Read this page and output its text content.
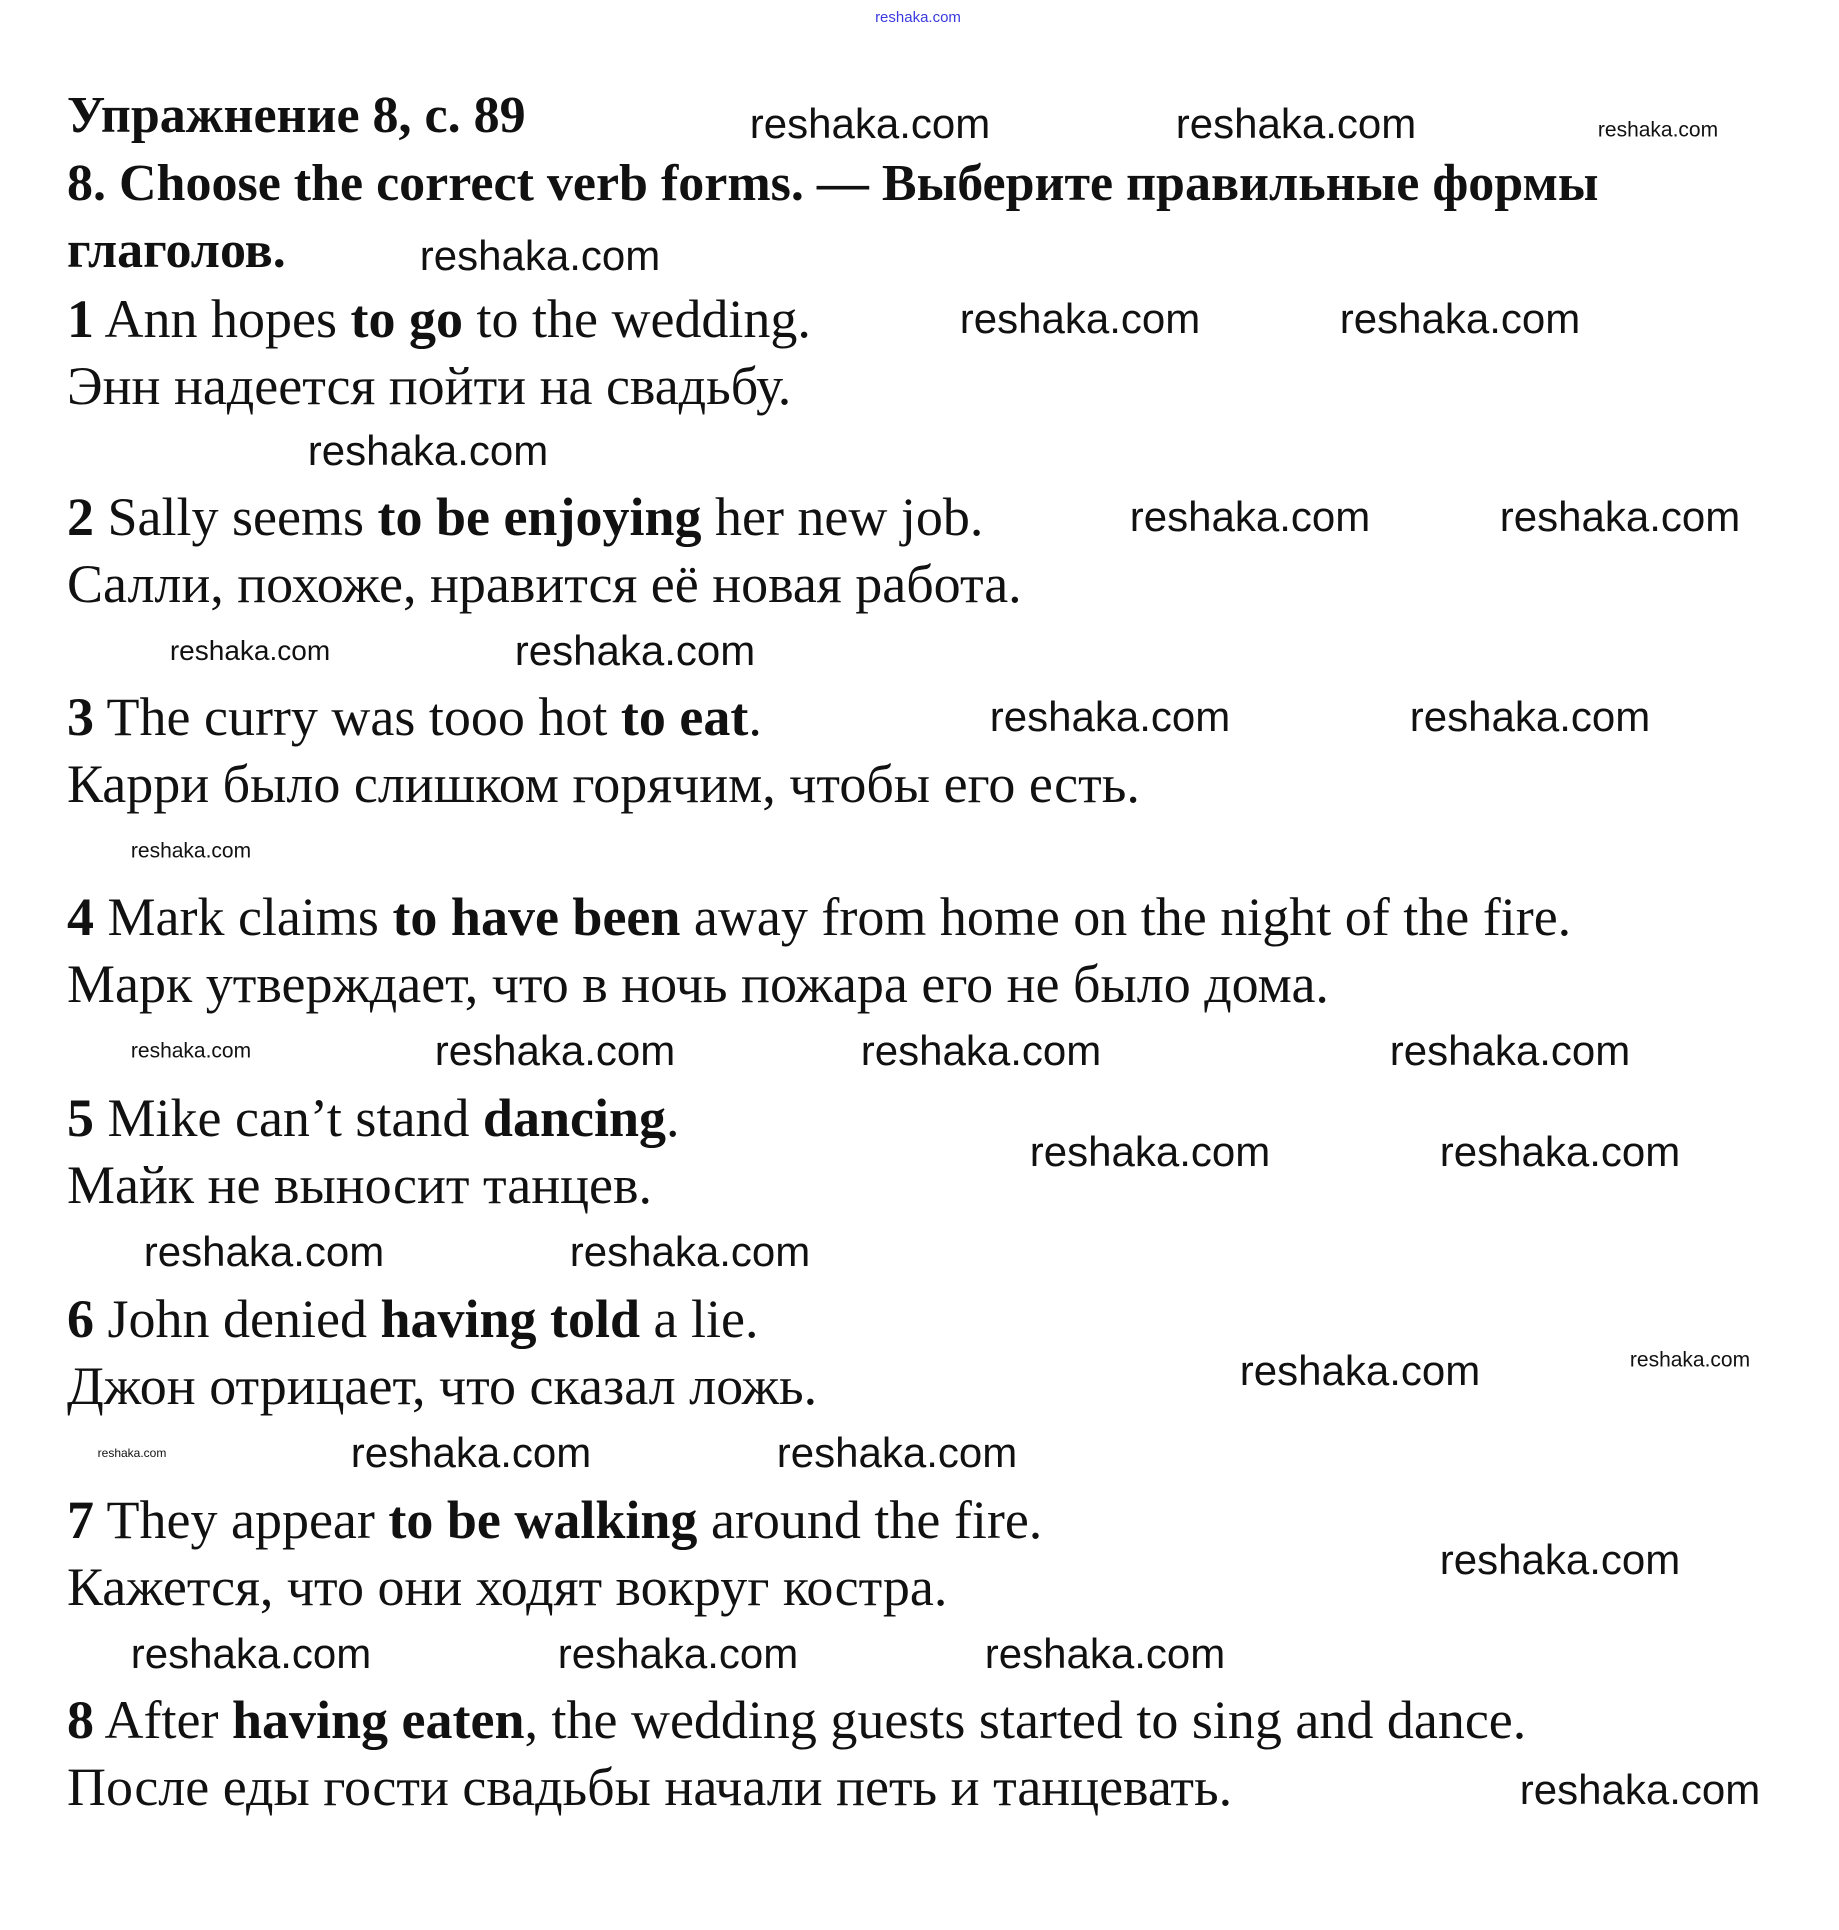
reshaka.com
Упражнение 8, с. 89
8. Choose the correct verb forms. — Выберите правильные формы
глаголов.
1 Ann hopes to go to the wedding.
Энн надеется пойти на свадьбу.
2 Sally seems to be enjoying her new job.
Салли, похоже, нравится её новая работа.
3 The curry was tooo hot to eat.
Карри было слишком горячим, чтобы его есть.
4 Mark claims to have been away from home on the night of the fire.
Марк утверждает, что в ночь пожара его не было дома.
5 Mike can’t stand dancing.
Майк не выносит танцев.
6 John denied having told a lie.
Джон отрицает, что сказал ложь.
7 They appear to be walking around the fire.
Кажется, что они ходят вокруг костра.
8 After having eaten, the wedding guests started to sing and dance.
После еды гости свадьбы начали петь и танцевать.
reshaka.com	reshaka.com	reshaka.com
reshaka.com
reshaka.com	reshaka.com
reshaka.com
reshaka.com	reshaka.com
reshaka.com
reshaka.com
reshaka.com	reshaka.com
reshaka.com
reshaka.com	reshaka.com	reshaka.com
reshaka.com
reshaka.com	reshaka.com
reshaka.com	reshaka.com
reshaka.com
reshaka.com
reshaka.com	reshaka.com
reshaka.com
reshaka.com
reshaka.com	reshaka.com	reshaka.com
reshaka.com
